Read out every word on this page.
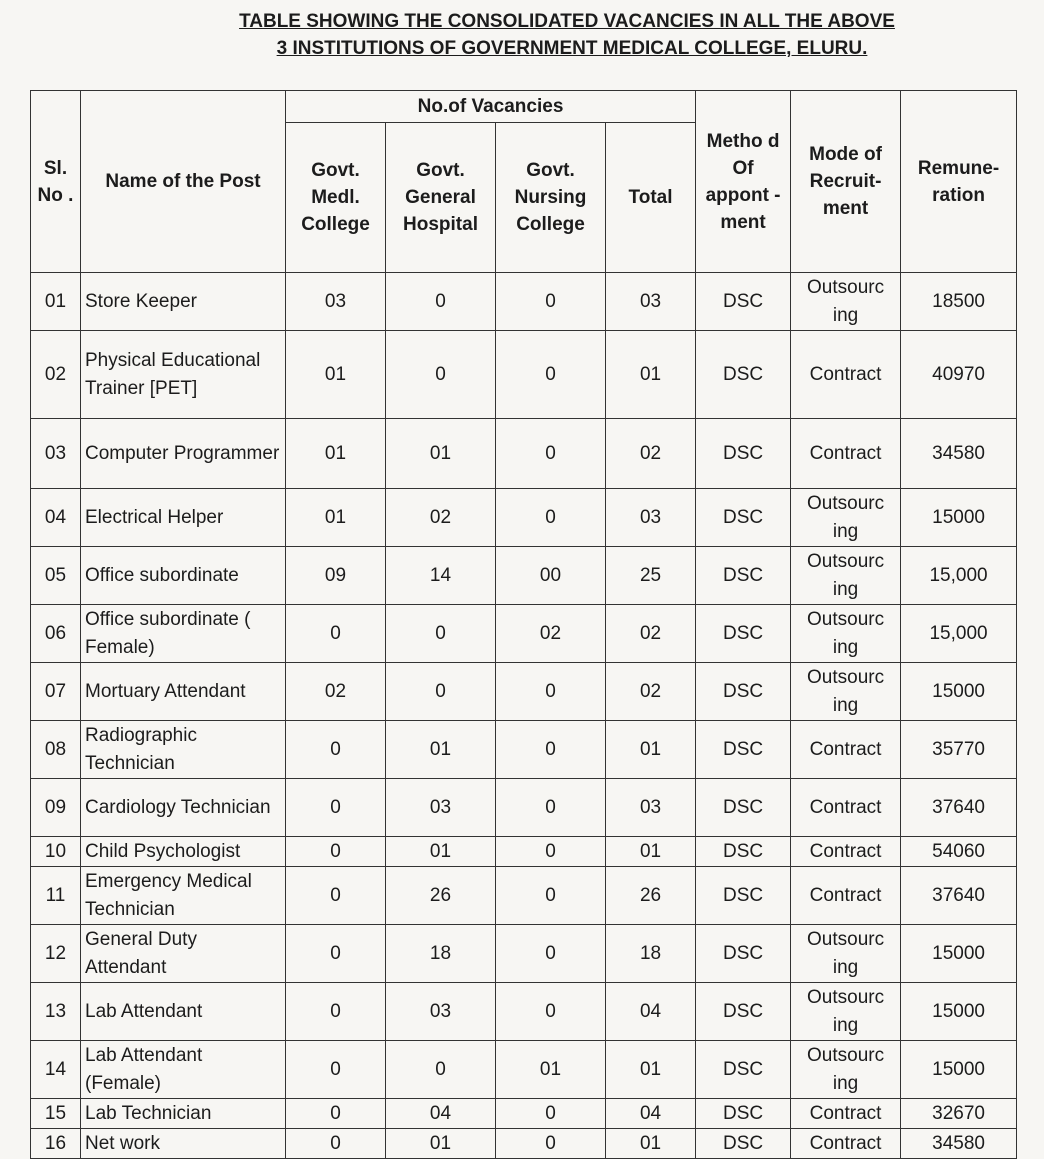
TABLE SHOWING THE CONSOLIDATED VACANCIES IN ALL THE ABOVE
3 INSTITUTIONS OF GOVERNMENT MEDICAL COLLEGE, ELURU.
Sl. No .	Name of the Post	No.of Vacancies				Metho d Of appont - ment	Mode of Recruit- ment	Remune- ration
		Govt. Medl. College	Govt. General Hospital	Govt. Nursing College	Total			
01	Store Keeper	03	0	0	03	DSC	Outsourc ing	18500
02	Physical Educational Trainer [PET]	01	0	0	01	DSC	Contract	40970
03	Computer Programmer	01	01	0	02	DSC	Contract	34580
04	Electrical Helper	01	02	0	03	DSC	Outsourc ing	15000
05	Office subordinate	09	14	00	25	DSC	Outsourc ing	15,000
06	Office subordinate ( Female)	0	0	02	02	DSC	Outsourc ing	15,000
07	Mortuary Attendant	02	0	0	02	DSC	Outsourc ing	15000
08	Radiographic Technician	0	01	0	01	DSC	Contract	35770
09	Cardiology Technician	0	03	0	03	DSC	Contract	37640
10	Child Psychologist	0	01	0	01	DSC	Contract	54060
11	Emergency Medical Technician	0	26	0	26	DSC	Contract	37640
12	General Duty Attendant	0	18	0	18	DSC	Outsourc ing	15000
13	Lab Attendant	0	03	0	04	DSC	Outsourc ing	15000
14	Lab Attendant (Female)	0	0	01	01	DSC	Outsourc ing	15000
15	Lab Technician	0	04	0	04	DSC	Contract	32670
16	Net work	0	01	0	01	DSC	Contract	34580
